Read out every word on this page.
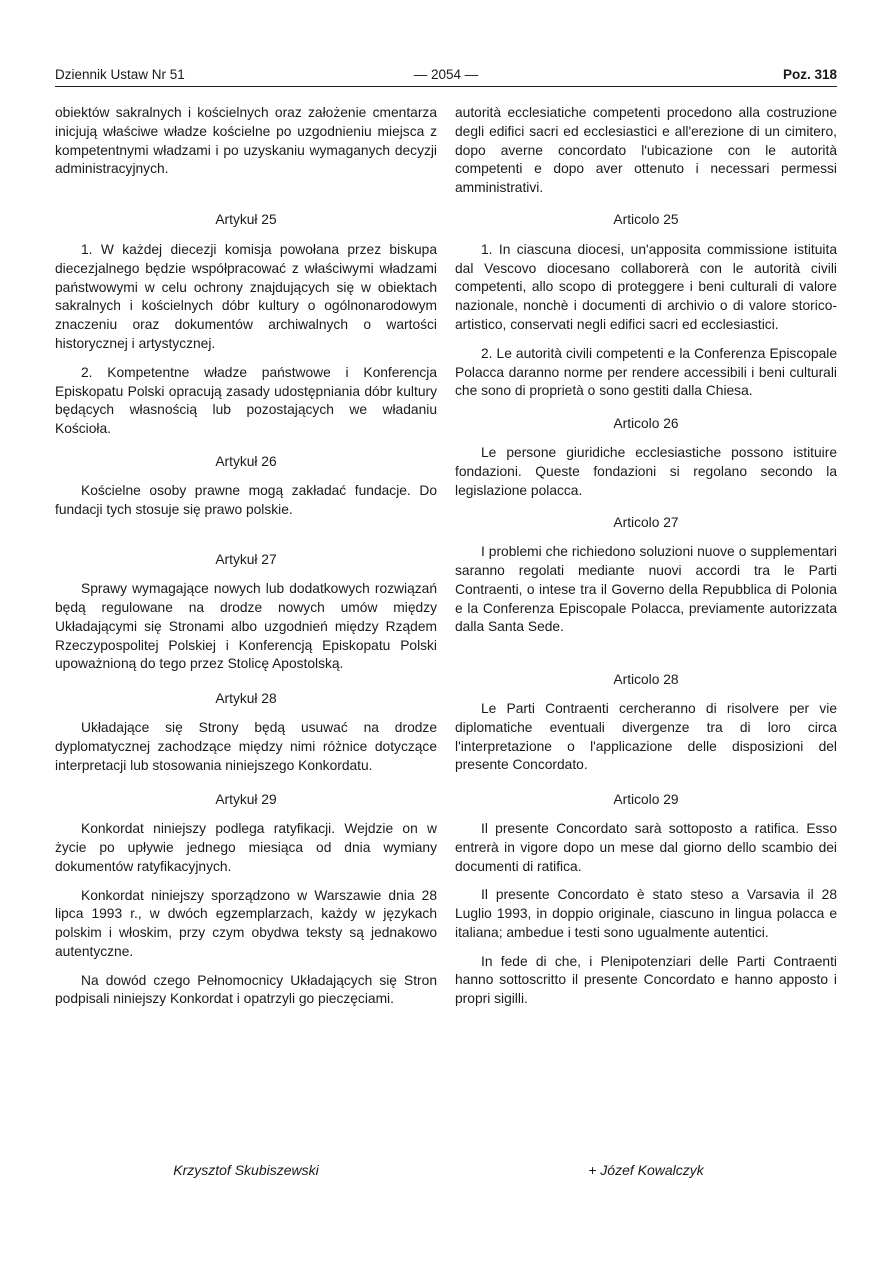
Dziennik Ustaw Nr 51	— 2054 —	Poz. 318

obiektów sakralnych i kościelnych oraz założenie cmentarza inicjują właściwe władze kościelne po uzgodnieniu miejsca z kompetentnymi władzami i po uzyskaniu wymaganych decyzji administracyjnych.

Artykuł 25

1. W każdej diecezji komisja powołana przez biskupa diecezjalnego będzie współpracować z właściwymi władzami państwowymi w celu ochrony znajdujących się w obiektach sakralnych i kościelnych dóbr kultury o ogólnonarodowym znaczeniu oraz dokumentów archiwalnych o wartości historycznej i artystycznej.

2. Kompetentne władze państwowe i Konferencja Episkopatu Polski opracują zasady udostępniania dóbr kultury będących własnością lub pozostających we władaniu Kościoła.

Artykuł 26

Kościelne osoby prawne mogą zakładać fundacje. Do fundacji tych stosuje się prawo polskie.

Artykuł 27

Sprawy wymagające nowych lub dodatkowych rozwiązań będą regulowane na drodze nowych umów między Układającymi się Stronami albo uzgodnień między Rządem Rzeczypospolitej Polskiej i Konferencją Episkopatu Polski upoważnioną do tego przez Stolicę Apostolską.

Artykuł 28

Układające się Strony będą usuwać na drodze dyplomatycznej zachodzące między nimi różnice dotyczące interpretacji lub stosowania niniejszego Konkordatu.

Artykuł 29

Konkordat niniejszy podlega ratyfikacji. Wejdzie on w życie po upływie jednego miesiąca od dnia wymiany dokumentów ratyfikacyjnych.

Konkordat niniejszy sporządzono w Warszawie dnia 28 lipca 1993 r., w dwóch egzemplarzach, każdy w językach polskim i włoskim, przy czym obydwa teksty są jednakowo autentyczne.

Na dowód czego Pełnomocnicy Układających się Stron podpisali niniejszy Konkordat i opatrzyli go pieczęciami.

autorità ecclesiatiche competenti procedono alla costruzione degli edifici sacri ed ecclesiastici e all'erezione di un cimitero, dopo averne concordato l'ubicazione con le autorità competenti e dopo aver ottenuto i necessari permessi amministrativi.

Articolo 25

1. In ciascuna diocesi, un'apposita commissione istituita dal Vescovo diocesano collaborerà con le autorità civili competenti, allo scopo di proteggere i beni culturali di valore nazionale, nonchè i documenti di archivio o di valore storico-artistico, conservati negli edifici sacri ed ecclesiastici.

2. Le autorità civili competenti e la Conferenza Episcopale Polacca daranno norme per rendere accessibili i beni culturali che sono di proprietà o sono gestiti dalla Chiesa.

Articolo 26

Le persone giuridiche ecclesiastiche possono istituire fondazioni. Queste fondazioni si regolano secondo la legislazione polacca.

Articolo 27

I problemi che richiedono soluzioni nuove o supplementari saranno regolati mediante nuovi accordi tra le Parti Contraenti, o intese tra il Governo della Repubblica di Polonia e la Conferenza Episcopale Polacca, previamente autorizzata dalla Santa Sede.

Articolo 28

Le Parti Contraenti cercheranno di risolvere per vie diplomatiche eventuali divergenze tra di loro circa l'interpretazione o l'applicazione delle disposizioni del presente Concordato.

Articolo 29

Il presente Concordato sarà sottoposto a ratifica. Esso entrerà in vigore dopo un mese dal giorno dello scambio dei documenti di ratifica.

Il presente Concordato è stato steso a Varsavia il 28 Luglio 1993, in doppio originale, ciascuno in lingua polacca e italiana; ambedue i testi sono ugualmente autentici.

In fede di che, i Plenipotenziari delle Parti Contraenti hanno sottoscritto il presente Concordato e hanno apposto i propri sigilli.

Krzysztof Skubiszewski	+ Józef Kowalczyk
